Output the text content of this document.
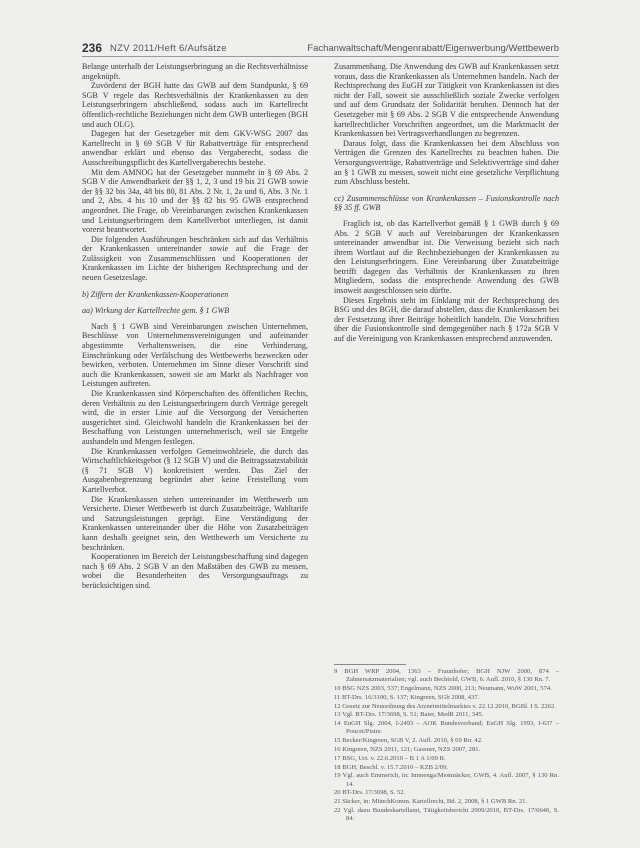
236 NZV 2011/Heft 6/Aufsätze	Fachanwaltschaft/Mengenrabatt/Eigenwerbung/Wettbewerb

Belange unterhalb der Leistungserbringung an die Rechtsverhältnisse angeknüpft.

Zuvörderst der BGH hatte das GWB auf dem Standpunkt, § 69 SGB V regele das Rechtsverhältnis der Krankenkassen zu den Leistungserbringern abschließend, sodass auch im Kartellrecht öffentlich-rechtliche Beziehungen nicht dem GWB unterliegen (BGH und auch OLG).

Dagegen hat der Gesetzgeber mit dem GKV-WSG 2007 das Kartellrecht in § 69 SGB V für Rabattverträge für entsprechend anwendbar erklärt und ebenso das Vergaberecht, sodass die Ausschreibungspflicht des Kartellvergaberechts bestehe.

Mit dem AMNOG hat der Gesetzgeber nunmehr in § 69 Abs. 2 SGB V die Anwendbarkeit der §§ 1, 2, 3 und 19 bis 21 GWB sowie der §§ 32 bis 34a, 48 bis 80, 81 Abs. 2 Nr. 1, 2a und 6, Abs. 3 Nr. 1 und 2, Abs. 4 bis 10 und der §§ 82 bis 95 GWB entsprechend angeordnet. Die Frage, ob Vereinbarungen zwischen Krankenkassen und Leistungserbringern dem Kartellverbot unterliegen, ist damit vorerst beantwortet.

Die folgenden Ausführungen beschränken sich auf das Verhältnis der Krankenkassen untereinander sowie auf die Frage der Zulässigkeit von Zusammenschlüssen und Kooperationen der Krankenkassen im Lichte der bisherigen Rechtsprechung und der neuen Gesetzeslage.

b) Ziffern der Krankenkassen-Kooperationen
aa) Wirkung der Kartellrechte gem. § 1 GWB

Nach § 1 GWB sind Vereinbarungen zwischen Unternehmen, Beschlüsse von Unternehmensvereinigungen und aufeinander abgestimmte Verhaltensweisen, die eine Verhinderung, Einschränkung oder Verfälschung des Wettbewerbs bezwecken oder bewirken, verboten. Unternehmen im Sinne dieser Vorschrift sind auch die Krankenkassen, soweit sie am Markt als Nachfrager von Leistungen auftreten.

Die Krankenkassen sind Körperschaften des öffentlichen Rechts, deren Verhältnis zu den Leistungserbringern durch Verträge geregelt wird, die in erster Linie auf die Versorgung der Versicherten ausgerichtet sind. Gleichwohl handeln die Krankenkassen bei der Beschaffung von Leistungen unternehmerisch, weil sie Entgelte aushandeln und Mengen festlegen.

Die Krankenkassen verfolgen Gemeinwohlziele, die durch das Wirtschaftlichkeitsgebot (§ 12 SGB V) und die Beitragssatzstabilität (§ 71 SGB V) konkretisiert werden. Das Ziel der Ausgabenbegrenzung begründet aber keine Freistellung vom Kartellverbot.

Die Krankenkassen stehen untereinander im Wettbewerb um Versicherte. Dieser Wettbewerb ist durch Zusatzbeiträge, Wahltarife und Satzungsleistungen geprägt. Eine Verständigung der Krankenkassen untereinander über die Höhe von Zusatzbeiträgen kann deshalb geeignet sein, den Wettbewerb um Versicherte zu beschränken.

Kooperationen im Bereich der Leistungsbeschaffung sind dagegen nach § 69 Abs. 2 SGB V an den Maßstäben des GWB zu messen, wobei die Besonderheiten des Versorgungsauftrags zu berücksichtigen sind.

Zusammenhang. Die Anwendung des GWB auf Krankenkassen setzt voraus, dass die Krankenkassen als Unternehmen handeln. Nach der Rechtsprechung des EuGH zur Tätigkeit von Krankenkassen ist dies nicht der Fall, soweit sie ausschließlich soziale Zwecke verfolgen und auf dem Grundsatz der Solidarität beruhen. Dennoch hat der Gesetzgeber mit § 69 Abs. 2 SGB V die entsprechende Anwendung kartellrechtlicher Vorschriften angeordnet, um die Marktmacht der Krankenkassen bei Vertragsverhandlungen zu begrenzen.

Daraus folgt, dass die Krankenkassen bei dem Abschluss von Verträgen die Grenzen des Kartellrechts zu beachten haben. Die Versorgungsverträge, Rabattverträge und Selektivverträge sind daher an § 1 GWB zu messen, soweit nicht eine gesetzliche Verpflichtung zum Abschluss besteht.

cc) Zusammenschlüsse von Krankenkassen – Fusionskontrolle nach §§ 35 ff. GWB

Fraglich ist, ob das Kartellverbot gemäß § 1 GWB durch § 69 Abs. 2 SGB V auch auf Vereinbarungen der Krankenkassen untereinander anwendbar ist. Die Verweisung bezieht sich nach ihrem Wortlaut auf die Rechtsbeziehungen der Krankenkassen zu den Leistungserbringern. Eine Vereinbarung über Zusatzbeiträge betrifft dagegen das Verhältnis der Krankenkassen zu ihren Mitgliedern, sodass die entsprechende Anwendung des GWB insoweit ausgeschlossen sein dürfte.

Dieses Ergebnis steht im Einklang mit der Rechtsprechung des BSG und des BGH, die darauf abstellen, dass die Krankenkassen bei der Festsetzung ihrer Beiträge hoheitlich handeln. Die Vorschriften über die Fusionskontrolle sind demgegenüber nach § 172a SGB V auf die Vereinigung von Krankenkassen entsprechend anzuwenden.

9 BGH WRP 2004, 1363 – Fraunhofer; BGH NJW 2000, 874 – Zahnersatzmaterialien; vgl. auch Bechtold, GWB, 6. Aufl. 2010, § 130 Rn. 7.

10 BSG NZS 2003, 537; Engelmann, NZS 2000, 213; Neumann, WuW 2001, 574.

11 BT-Drs. 16/3100, S. 137; Kingreen, SGb 2008, 437.

12 Gesetz zur Neuordnung des Arzneimittelmarktes v. 22.12.2010, BGBl. I S. 2262.

13 Vgl. BT-Drs. 17/3698, S. 51; Baier, MedR 2011, 345.

14 EuGH Slg. 2004, I-2493 – AOK Bundesverband; EuGH Slg. 1993, I-637 – Poucet/Pistre.

15 Becker/Kingreen, SGB V, 2. Aufl. 2010, § 69 Rn. 42.

16 Kingreen, NZS 2011, 121; Gassner, NZS 2007, 281.

17 BSG, Urt. v. 22.6.2010 – B 1 A 1/09 R.

18 BGH, Beschl. v. 15.7.2010 – KZB 2/09.

19 Vgl. auch Emmerich, in: Immenga/Mestmäcker, GWB, 4. Aufl. 2007, § 130 Rn. 14.

20 BT-Drs. 17/3698, S. 52.

21 Säcker, in: MünchKomm. Kartellrecht, Bd. 2, 2008, § 1 GWB Rn. 21.

22 Vgl. dazu Bundeskartellamt, Tätigkeitsbericht 2009/2010, BT-Drs. 17/6640, S. 84.
